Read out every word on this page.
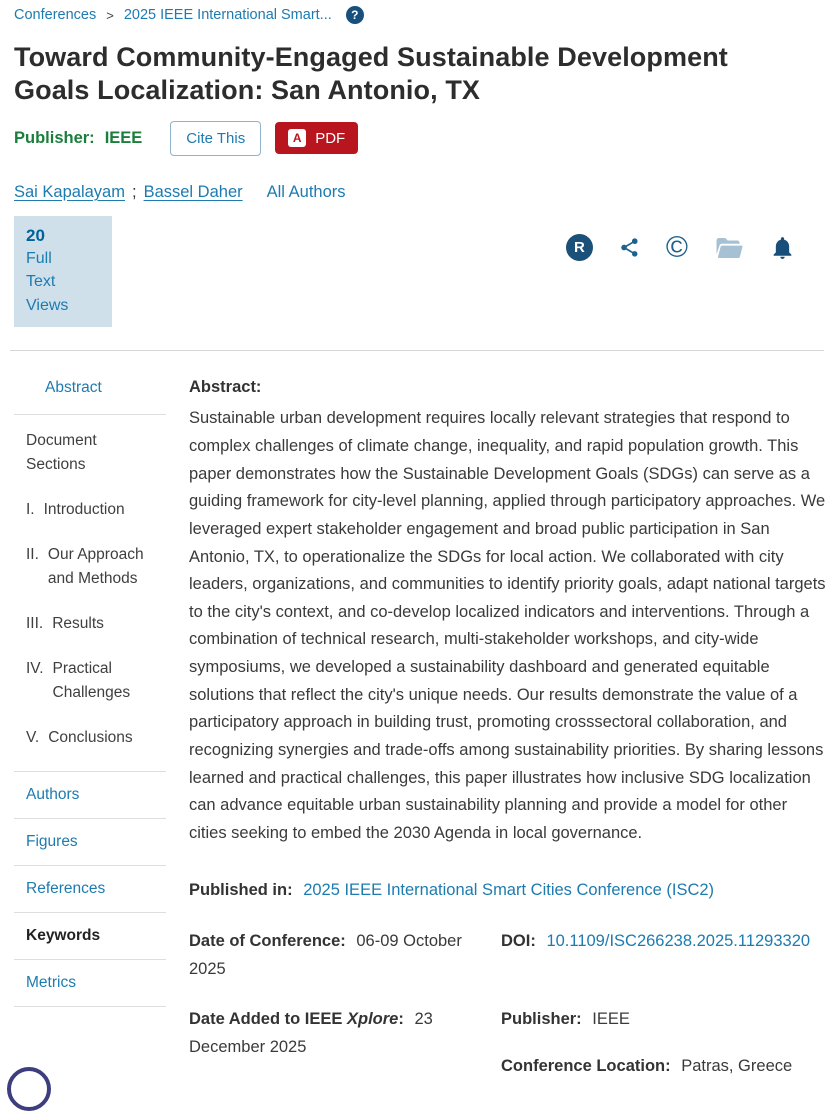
Conferences > 2025 IEEE International Smart...	?
Toward Community-Engaged Sustainable Development Goals Localization: San Antonio, TX
Publisher: IEEE	Cite This	A PDF
Sai Kapalayam ; Bassel Daher All Authors
20
Full
Text Views
R	©
Abstract
Document Sections
I. Introduction
II. Our Approach and Methods
III. Results
IV. Practical Challenges
V. Conclusions
Authors
Figures
References
Keywords
Metrics
Abstract:

Sustainable urban development requires locally relevant strategies that respond to complex challenges of climate change, inequality, and rapid population growth. This paper demonstrates how the Sustainable Development Goals (SDGs) can serve as a guiding framework for city-level planning, applied through participatory approaches. We leveraged expert stakeholder engagement and broad public participation in San Antonio, TX, to operationalize the SDGs for local action. We collaborated with city leaders, organizations, and communities to identify priority goals, adapt national targets to the city's context, and co-develop localized indicators and interventions. Through a combination of technical research, multi-stakeholder workshops, and city-wide symposiums, we developed a sustainability dashboard and generated equitable solutions that reflect the city's unique needs. Our results demonstrate the value of a participatory approach in building trust, promoting crosssectoral collaboration, and recognizing synergies and trade-offs among sustainability priorities. By sharing lessons learned and practical challenges, this paper illustrates how inclusive SDG localization can advance equitable urban sustainability planning and provide a model for other cities seeking to embed the 2030 Agenda in local governance.

Published in: 2025 IEEE International Smart Cities Conference (ISC2)
Date of Conference: 06-09 October 2025
DOI: 10.1109/ISC266238.2025.11293320
Date Added to IEEE Xplore: 23 December 2025
Publisher: IEEE
Conference Location: Patras, Greece
